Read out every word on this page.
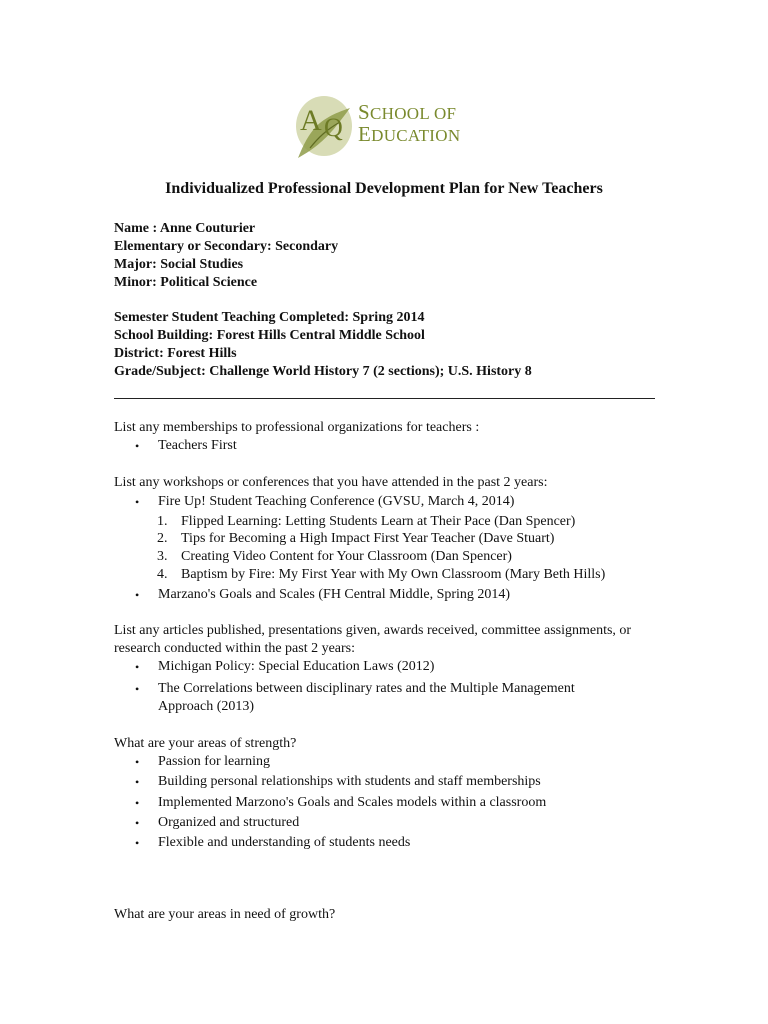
A Q
SCHOOL OF
EDUCATION
Individualized Professional Development Plan for New Teachers
Name : Anne Couturier
Elementary or Secondary: Secondary
Major: Social Studies
Minor: Political Science
Semester Student Teaching Completed: Spring 2014
School Building: Forest Hills Central Middle School
District: Forest Hills
Grade/Subject: Challenge World History 7 (2 sections); U.S. History 8
List any memberships to professional organizations for teachers :
• Teachers First
List any workshops or conferences that you have attended in the past 2 years:
• Fire Up! Student Teaching Conference (GVSU, March 4, 2014)
1. Flipped Learning: Letting Students Learn at Their Pace (Dan Spencer)
2. Tips for Becoming a High Impact First Year Teacher (Dave Stuart)
3. Creating Video Content for Your Classroom (Dan Spencer)
4. Baptism by Fire: My First Year with My Own Classroom (Mary Beth Hills)
• Marzano's Goals and Scales (FH Central Middle, Spring 2014)
List any articles published, presentations given, awards received, committee assignments, or research conducted within the past 2 years:
• Michigan Policy: Special Education Laws (2012)
• The Correlations between disciplinary rates and the Multiple Management Approach (2013)
What are your areas of strength?
• Passion for learning
• Building personal relationships with students and staff memberships
• Implemented Marzono's Goals and Scales models within a classroom
• Organized and structured
• Flexible and understanding of students needs
What are your areas in need of growth?
